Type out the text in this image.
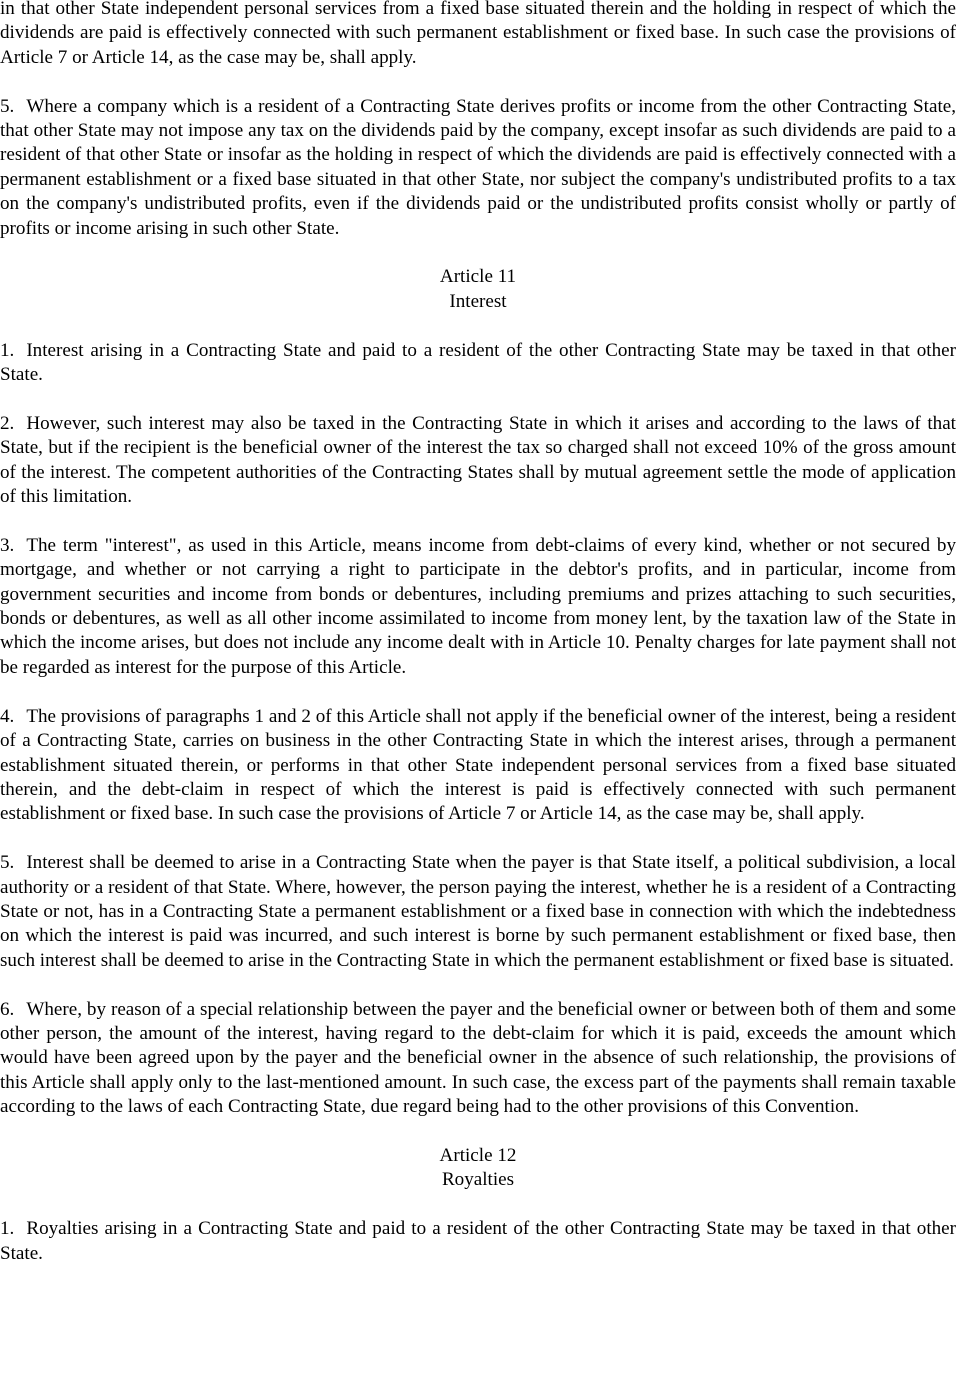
in that other State independent personal services from a fixed base situated therein and the holding in respect of which the dividends are paid is effectively connected with such permanent establishment or fixed base. In such case the provisions of Article 7 or Article 14, as the case may be, shall apply.

5. Where a company which is a resident of a Contracting State derives profits or income from the other Contracting State, that other State may not impose any tax on the dividends paid by the company, except insofar as such dividends are paid to a resident of that other State or insofar as the holding in respect of which the dividends are paid is effectively connected with a permanent establishment or a fixed base situated in that other State, nor subject the company's undistributed profits to a tax on the company's undistributed profits, even if the dividends paid or the undistributed profits consist wholly or partly of profits or income arising in such other State.

Article 11
Interest

1. Interest arising in a Contracting State and paid to a resident of the other Contracting State may be taxed in that other State.

2. However, such interest may also be taxed in the Contracting State in which it arises and according to the laws of that State, but if the recipient is the beneficial owner of the interest the tax so charged shall not exceed 10% of the gross amount of the interest. The competent authorities of the Contracting States shall by mutual agreement settle the mode of application of this limitation.

3. The term "interest", as used in this Article, means income from debt-claims of every kind, whether or not secured by mortgage, and whether or not carrying a right to participate in the debtor's profits, and in particular, income from government securities and income from bonds or debentures, including premiums and prizes attaching to such securities, bonds or debentures, as well as all other income assimilated to income from money lent, by the taxation law of the State in which the income arises, but does not include any income dealt with in Article 10. Penalty charges for late payment shall not be regarded as interest for the purpose of this Article.

4. The provisions of paragraphs 1 and 2 of this Article shall not apply if the beneficial owner of the interest, being a resident of a Contracting State, carries on business in the other Contracting State in which the interest arises, through a permanent establishment situated therein, or performs in that other State independent personal services from a fixed base situated therein, and the debt-claim in respect of which the interest is paid is effectively connected with such permanent establishment or fixed base. In such case the provisions of Article 7 or Article 14, as the case may be, shall apply.

5. Interest shall be deemed to arise in a Contracting State when the payer is that State itself, a political subdivision, a local authority or a resident of that State. Where, however, the person paying the interest, whether he is a resident of a Contracting State or not, has in a Contracting State a permanent establishment or a fixed base in connection with which the indebtedness on which the interest is paid was incurred, and such interest is borne by such permanent establishment or fixed base, then such interest shall be deemed to arise in the Contracting State in which the permanent establishment or fixed base is situated.

6. Where, by reason of a special relationship between the payer and the beneficial owner or between both of them and some other person, the amount of the interest, having regard to the debt-claim for which it is paid, exceeds the amount which would have been agreed upon by the payer and the beneficial owner in the absence of such relationship, the provisions of this Article shall apply only to the last-mentioned amount. In such case, the excess part of the payments shall remain taxable according to the laws of each Contracting State, due regard being had to the other provisions of this Convention.

Article 12
Royalties

1. Royalties arising in a Contracting State and paid to a resident of the other Contracting State may be taxed in that other State.
